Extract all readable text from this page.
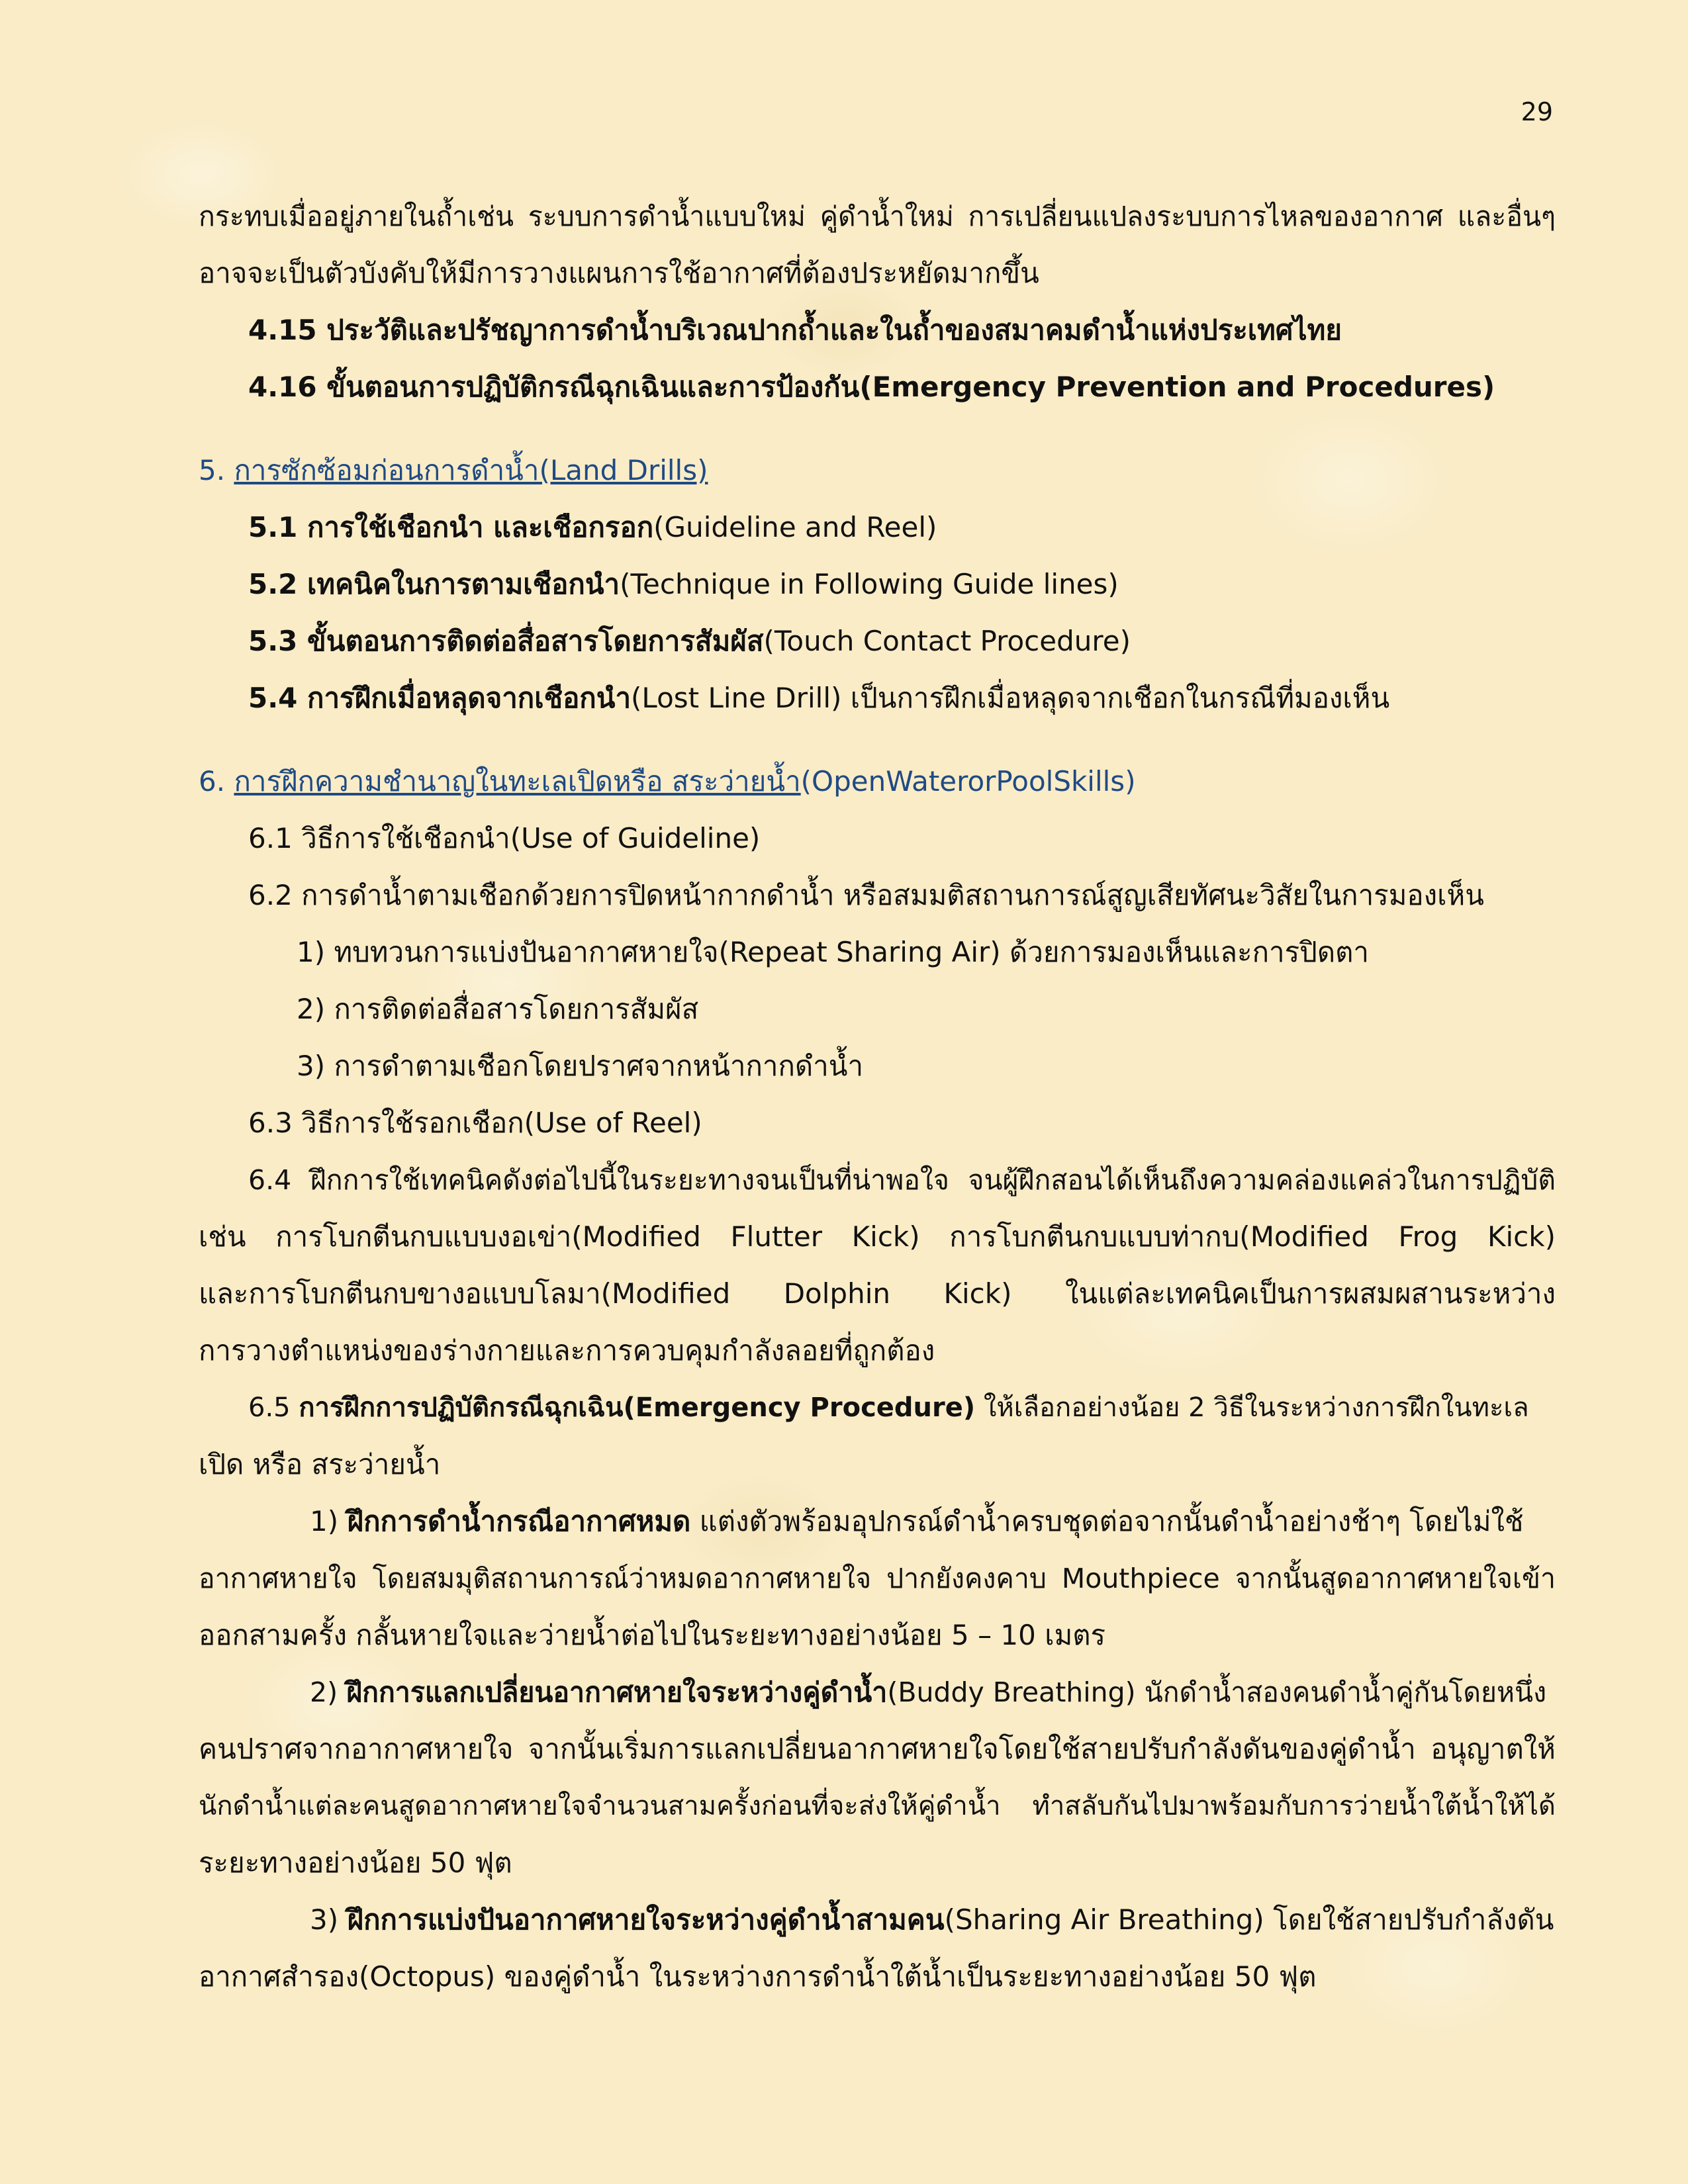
29
กระทบเมื่ออยู่ภายในถ้ำเช่น ระบบการดำน้ำแบบใหม่ คู่ดำน้ำใหม่ การเปลี่ยนแปลงระบบการไหลของอากาศ และอื่นๆ
อาจจะเป็นตัวบังคับให้มีการวางแผนการใช้อากาศที่ต้องประหยัดมากขึ้น
4.15 ประวัติและปรัชญาการดำน้ำบริเวณปากถ้ำและในถ้ำของสมาคมดำน้ำแห่งประเทศไทย
4.16 ขั้นตอนการปฏิบัติกรณีฉุกเฉินและการป้องกัน(Emergency Prevention and Procedures)
5. การซักซ้อมก่อนการดำน้ำ(Land Drills)
5.1 การใช้เชือกนำ และเชือกรอก(Guideline and Reel)
5.2 เทคนิคในการตามเชือกนำ(Technique in Following Guide lines)
5.3 ขั้นตอนการติดต่อสื่อสารโดยการสัมผัส(Touch Contact Procedure)
5.4 การฝึกเมื่อหลุดจากเชือกนำ(Lost Line Drill) เป็นการฝึกเมื่อหลุดจากเชือกในกรณีที่มองเห็น
6. การฝึกความชำนาญในทะเลเปิดหรือ สระว่ายน้ำ(OpenWaterorPoolSkills)
6.1 วิธีการใช้เชือกนำ(Use of Guideline)
6.2 การดำน้ำตามเชือกด้วยการปิดหน้ากากดำน้ำ หรือสมมติสถานการณ์สูญเสียทัศนะวิสัยในการมองเห็น
1) ทบทวนการแบ่งปันอากาศหายใจ(Repeat Sharing Air) ด้วยการมองเห็นและการปิดตา
2) การติดต่อสื่อสารโดยการสัมผัส
3) การดำตามเชือกโดยปราศจากหน้ากากดำน้ำ
6.3 วิธีการใช้รอกเชือก(Use of Reel)
6.4 ฝึกการใช้เทคนิคดังต่อไปนี้ในระยะทางจนเป็นที่น่าพอใจ จนผู้ฝึกสอนได้เห็นถึงความคล่องแคล่วในการปฏิบัติ
เช่น การโบกตีนกบแบบงอเข่า(Modified Flutter Kick) การโบกตีนกบแบบท่ากบ(Modified Frog Kick)
และการโบกตีนกบขางอแบบโลมา(Modified Dolphin Kick) ในแต่ละเทคนิคเป็นการผสมผสานระหว่าง
การวางตำแหน่งของร่างกายและการควบคุมกำลังลอยที่ถูกต้อง
6.5 การฝึกการปฏิบัติกรณีฉุกเฉิน(Emergency Procedure) ให้เลือกอย่างน้อย 2 วิธีในระหว่างการฝึกในทะเล
เปิด หรือ สระว่ายน้ำ
1) ฝึกการดำน้ำกรณีอากาศหมด แต่งตัวพร้อมอุปกรณ์ดำน้ำครบชุดต่อจากนั้นดำน้ำอย่างช้าๆ โดยไม่ใช้
อากาศหายใจ โดยสมมุติสถานการณ์ว่าหมดอากาศหายใจ ปากยังคงคาบ Mouthpiece จากนั้นสูดอากาศหายใจเข้า
ออกสามครั้ง กลั้นหายใจและว่ายน้ำต่อไปในระยะทางอย่างน้อย 5 – 10 เมตร
2) ฝึกการแลกเปลี่ยนอากาศหายใจระหว่างคู่ดำน้ำ(Buddy Breathing) นักดำน้ำสองคนดำน้ำคู่กันโดยหนึ่ง
คนปราศจากอากาศหายใจ จากนั้นเริ่มการแลกเปลี่ยนอากาศหายใจโดยใช้สายปรับกำลังดันของคู่ดำน้ำ อนุญาตให้
นักดำน้ำแต่ละคนสูดอากาศหายใจจำนวนสามครั้งก่อนที่จะส่งให้คู่ดำน้ำ ทำสลับกันไปมาพร้อมกับการว่ายน้ำใต้น้ำให้ได้
ระยะทางอย่างน้อย 50 ฟุต
3) ฝึกการแบ่งปันอากาศหายใจระหว่างคู่ดำน้ำสามคน(Sharing Air Breathing) โดยใช้สายปรับกำลังดัน
อากาศสำรอง(Octopus) ของคู่ดำน้ำ ในระหว่างการดำน้ำใต้น้ำเป็นระยะทางอย่างน้อย 50 ฟุต
